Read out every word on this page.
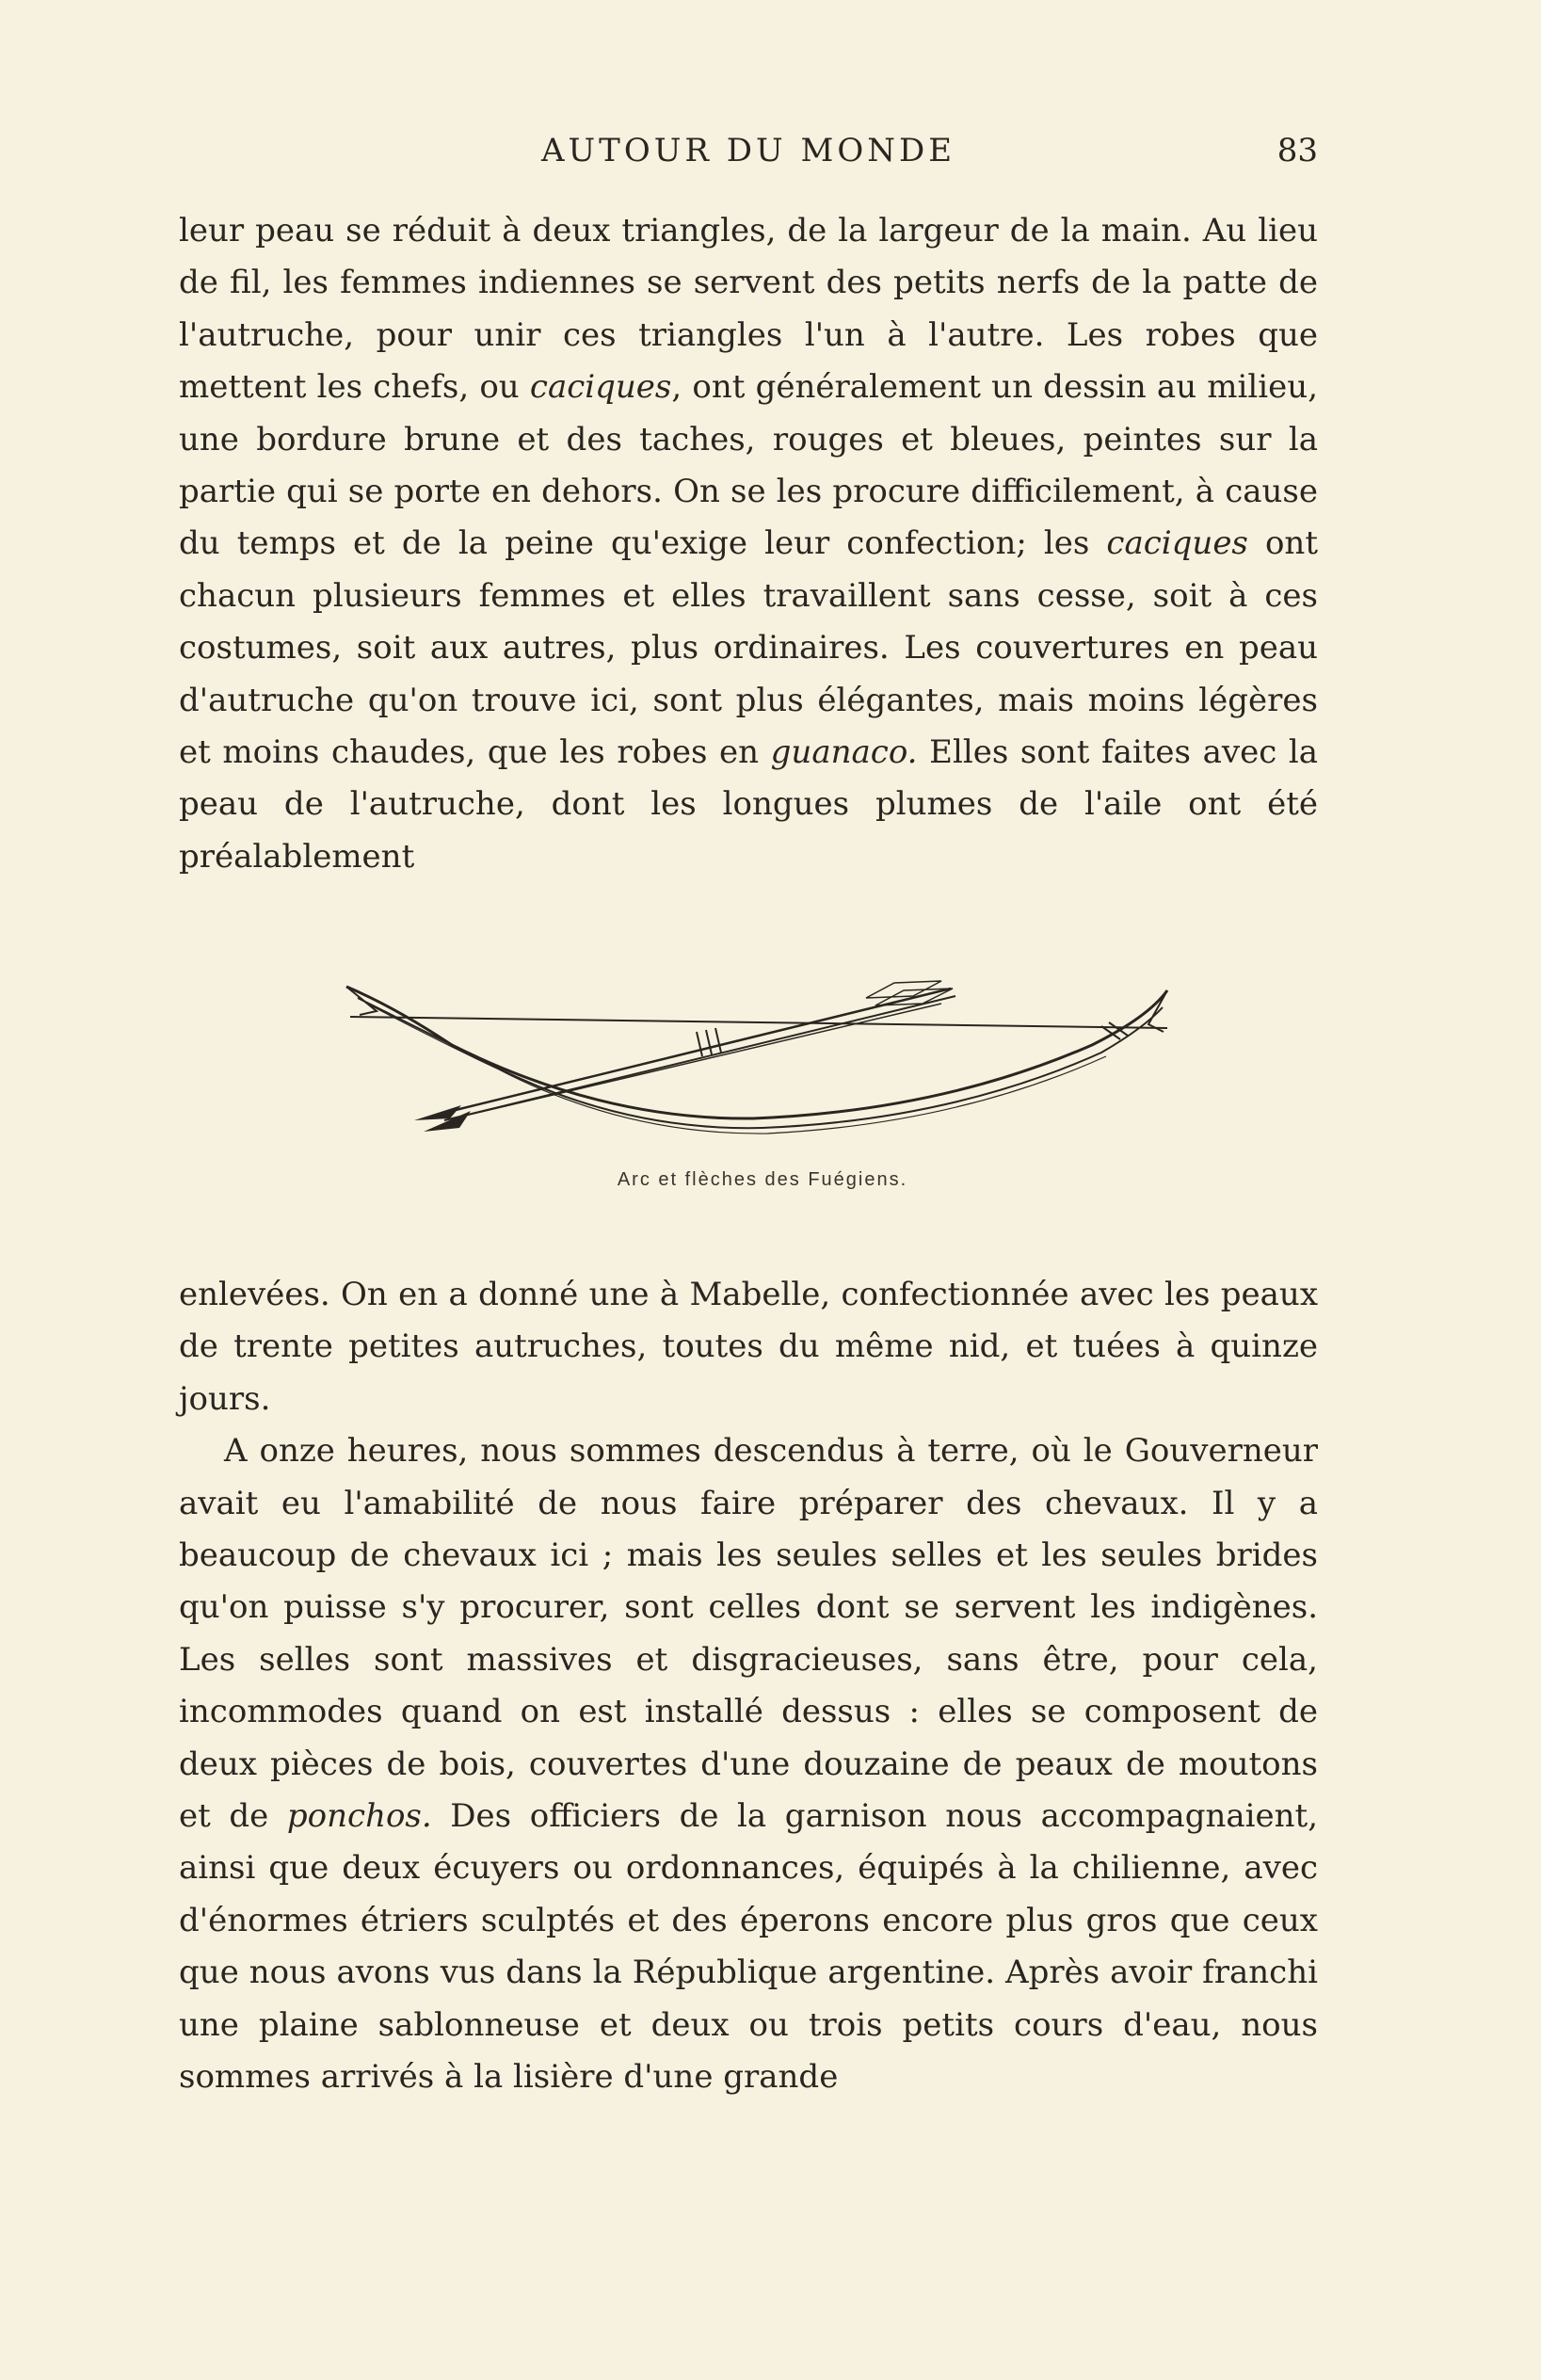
AUTOUR DU MONDE	83

leur peau se réduit à deux triangles, de la largeur de la main. Au lieu de fil, les femmes indiennes se servent des petits nerfs de la patte de l'autruche, pour unir ces triangles l'un à l'autre. Les robes que mettent les chefs, ou caciques, ont généralement un dessin au milieu, une bordure brune et des taches, rouges et bleues, peintes sur la partie qui se porte en dehors. On se les procure difficilement, à cause du temps et de la peine qu'exige leur confection; les caciques ont chacun plusieurs femmes et elles travaillent sans cesse, soit à ces costumes, soit aux autres, plus ordinaires. Les couvertures en peau d'autruche qu'on trouve ici, sont plus élégantes, mais moins légères et moins chaudes, que les robes en guanaco. Elles sont faites avec la peau de l'autruche, dont les longues plumes de l'aile ont été préalablement

Arc et flèches des Fuégiens.

enlevées. On en a donné une à Mabelle, confectionnée avec les peaux de trente petites autruches, toutes du même nid, et tuées à quinze jours.

A onze heures, nous sommes descendus à terre, où le Gouverneur avait eu l'amabilité de nous faire préparer des chevaux. Il y a beaucoup de chevaux ici ; mais les seules selles et les seules brides qu'on puisse s'y procurer, sont celles dont se servent les indigènes. Les selles sont massives et disgracieuses, sans être, pour cela, incommodes quand on est installé dessus : elles se composent de deux pièces de bois, couvertes d'une douzaine de peaux de moutons et de ponchos. Des officiers de la garnison nous accompagnaient, ainsi que deux écuyers ou ordonnances, équipés à la chilienne, avec d'énormes étriers sculptés et des éperons encore plus gros que ceux que nous avons vus dans la République argentine. Après avoir franchi une plaine sablonneuse et deux ou trois petits cours d'eau, nous sommes arrivés à la lisière d'une grande
